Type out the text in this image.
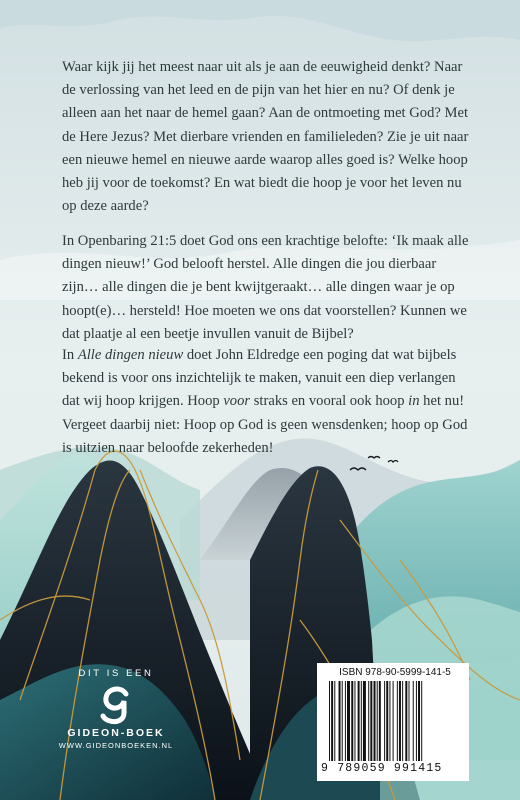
Waar kijk jij het meest naar uit als je aan de eeuwigheid denkt? Naar de verlossing van het leed en de pijn van het hier en nu? Of denk je alleen aan het naar de hemel gaan? Aan de ontmoeting met God? Met de Here Jezus? Met dierbare vrienden en familieleden? Zie je uit naar een nieuwe hemel en nieuwe aarde waarop alles goed is? Welke hoop heb jij voor de toekomst? En wat biedt die hoop je voor het leven nu op deze aarde?

In Openbaring 21:5 doet God ons een krachtige belofte: ‘Ik maak alle dingen nieuw!’ God belooft herstel. Alle dingen die jou dierbaar zijn… alle dingen die je bent kwijtgeraakt… alle dingen waar je op hoopt(e)… hersteld! Hoe moeten we ons dat voorstellen? Kunnen we dat plaatje al een beetje invullen vanuit de Bijbel?

In Alle dingen nieuw doet John Eldredge een poging dat wat bijbels bekend is voor ons inzichtelijk te maken, vanuit een diep verlangen dat wij hoop krijgen. Hoop voor straks en vooral ook hoop in het nu! Vergeet daarbij niet: Hoop op God is geen wensdenken; hoop op God is uitzien naar beloofde zekerheden!

DIT IS EEN
GIDEON-BOEK
WWW.GIDEONBOEKEN.NL
ISBN 978-90-5999-141-5
9 789059 991415
